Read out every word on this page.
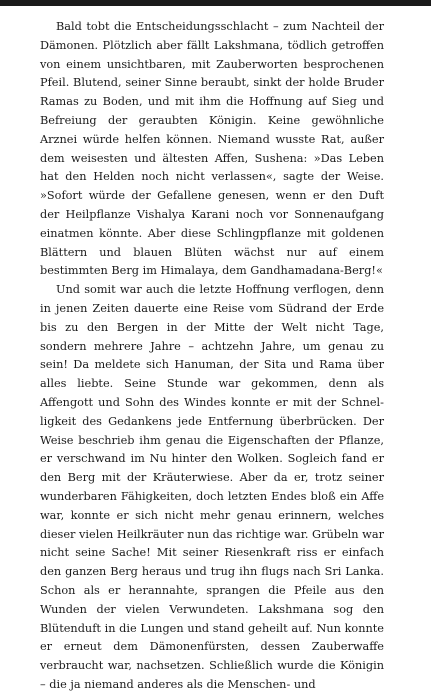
Bald tobt die Entscheidungsschlacht – zum Nachteil der Dämonen. Plötzlich aber fällt Lakshmana, tödlich getroffen von einem unsichtbaren, mit Zauberworten besprochenen Pfeil. Blutend, seiner Sinne beraubt, sinkt der holde Bruder Ramas zu Boden, und mit ihm die Hoffnung auf Sieg und Befreiung der geraubten Königin. Keine gewöhnliche Arznei würde helfen können. Niemand wusste Rat, außer dem weisesten und ältesten Affen, Sushena: »Das Leben hat den Helden noch nicht verlassen«, sagte der Weise. »Sofort würde der Gefallene genesen, wenn er den Duft der Heilpflanze Vishalya Karani noch vor Sonnenaufgang einatmen könnte. Aber diese Schlingpflanze mit goldenen Blättern und blauen Blüten wächst nur auf einem bestimmten Berg im Himalaya, dem Gandhamadana-Berg!«

Und somit war auch die letzte Hoffnung verflogen, denn in jenen Zeiten dauerte eine Reise vom Südrand der Erde bis zu den Bergen in der Mitte der Welt nicht Tage, sondern mehrere Jahre – achtzehn Jahre, um genau zu sein! Da meldete sich Hanuman, der Sita und Rama über alles liebte. Seine Stunde war gekommen, denn als Affengott und Sohn des Windes konnte er mit der Schnelligkeit des Gedankens jede Entfernung überbrücken. Der Weise beschrieb ihm genau die Eigenschaften der Pflanze, er verschwand im Nu hinter den Wolken. Sogleich fand er den Berg mit der Kräuterwiese. Aber da er, trotz seiner wunderbaren Fähigkeiten, doch letzten Endes bloß ein Affe war, konnte er sich nicht mehr genau erinnern, welches dieser vielen Heilkräuter nun das richtige war. Grübeln war nicht seine Sache! Mit seiner Riesenkraft riss er einfach den ganzen Berg heraus und trug ihn flugs nach Sri Lanka. Schon als er herannahte, sprangen die Pfeile aus den Wunden der vielen Verwundeten. Lakshmana sog den Blütenduft in die Lungen und stand geheilt auf. Nun konnte er erneut dem Dämonenfürsten, dessen Zauberwaffe verbraucht war, nachsetzen. Schließlich wurde die Königin – die ja niemand anderes als die Menschen- und
